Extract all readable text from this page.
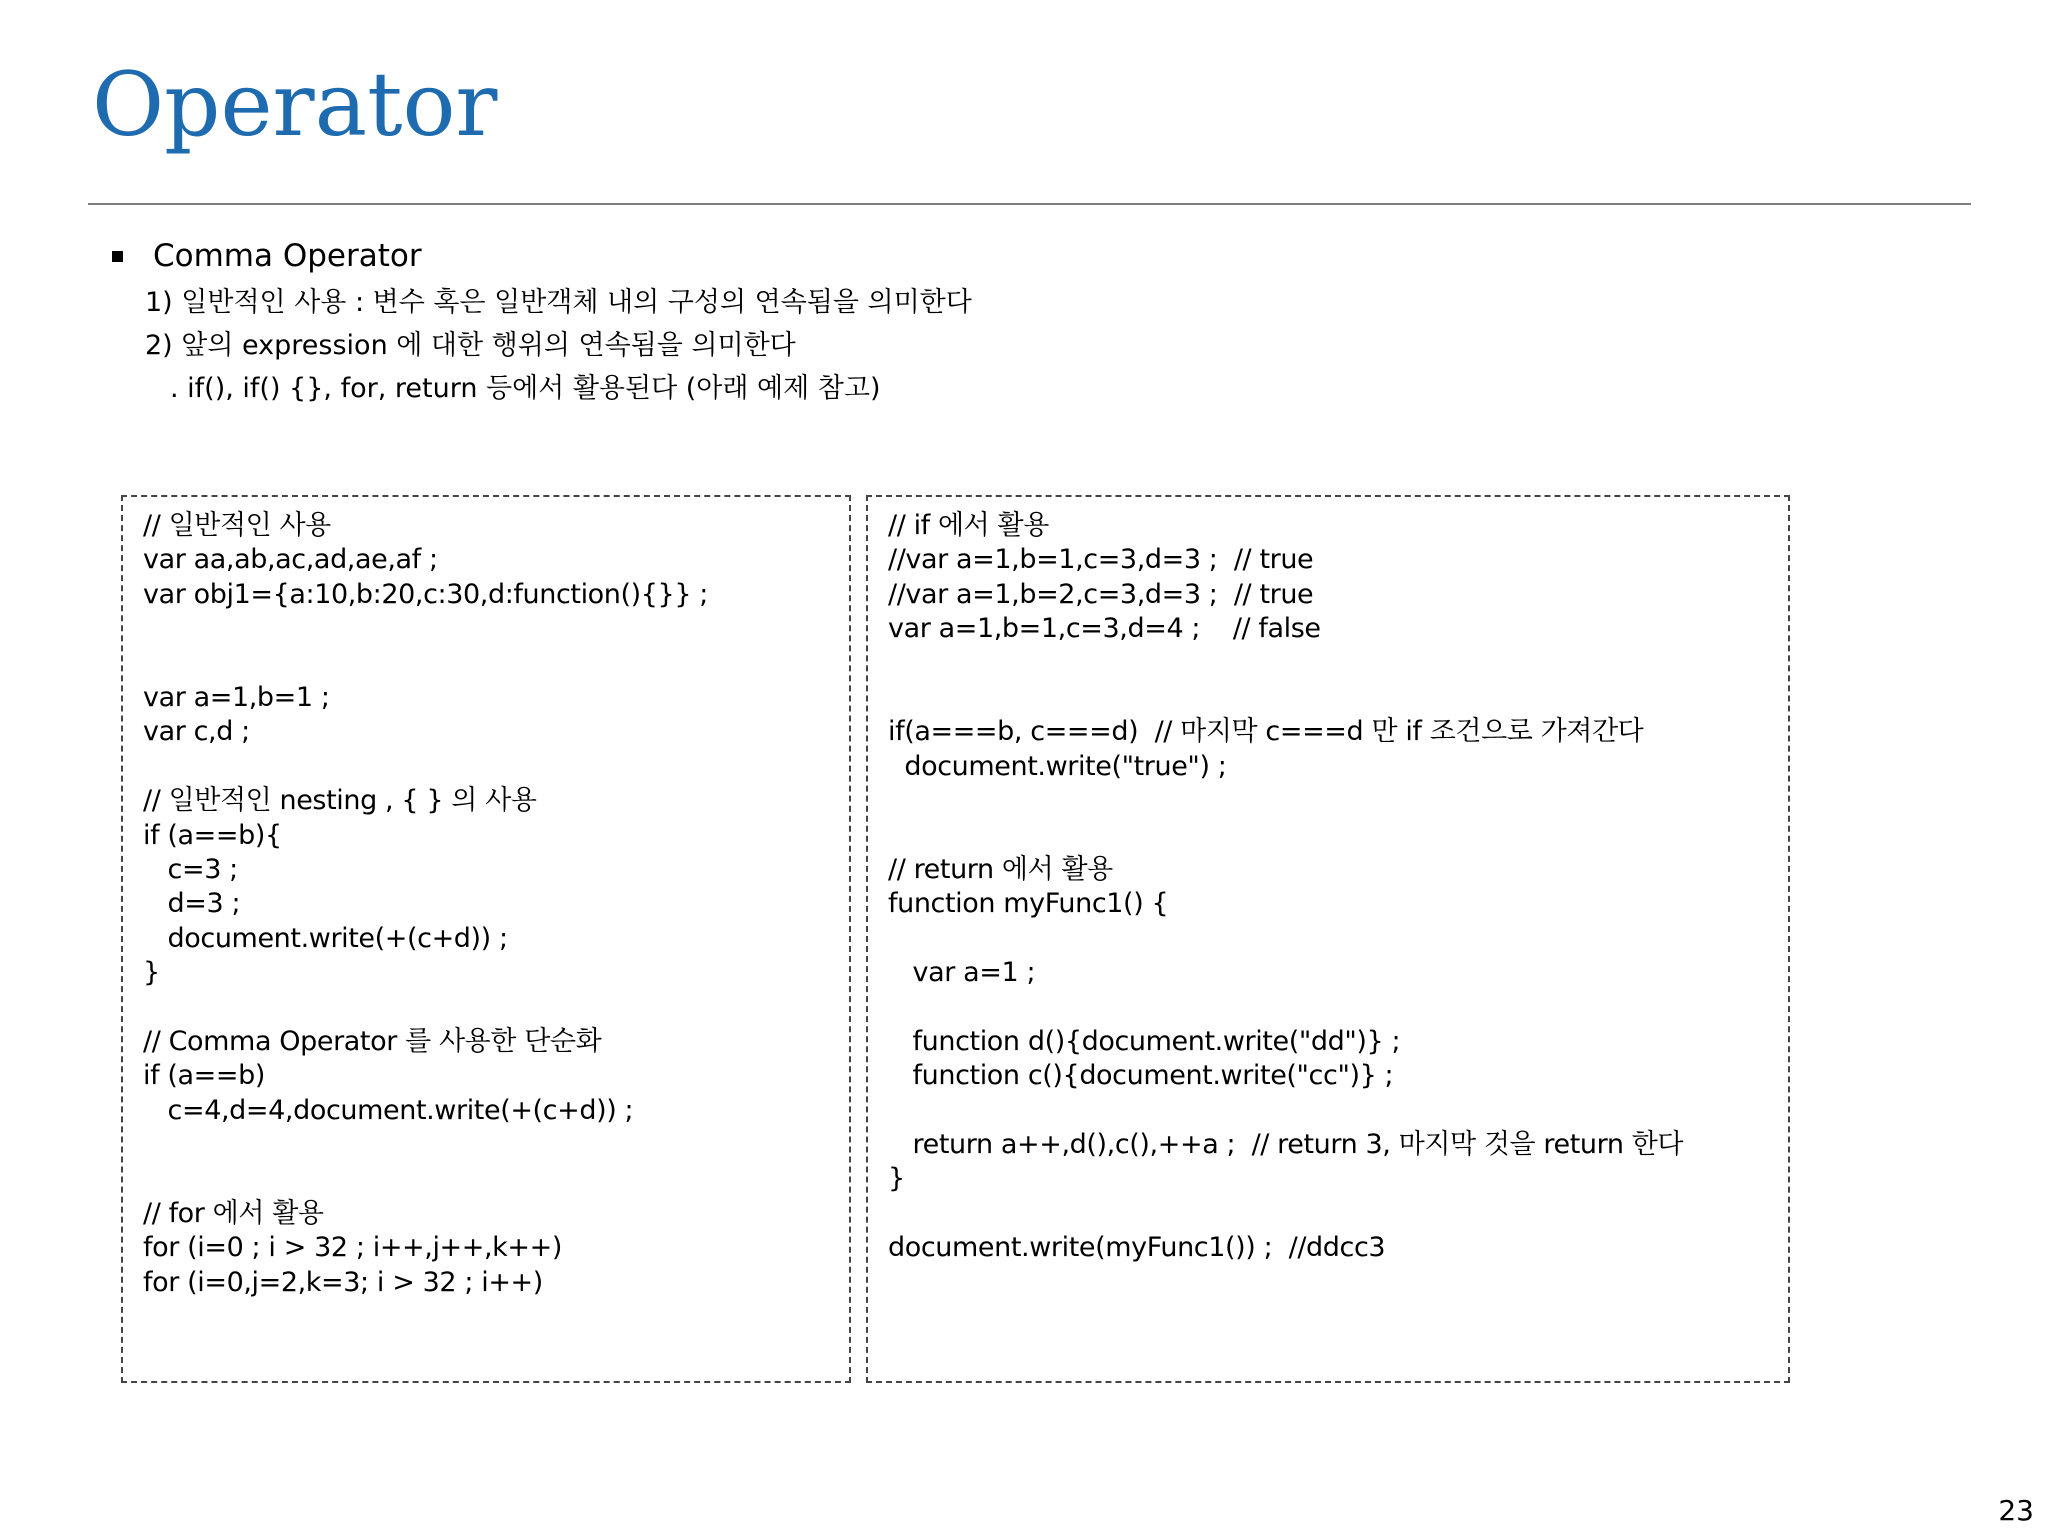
Operator
Comma Operator
1) 일반적인 사용 : 변수 혹은 일반객체 내의 구성의 연속됨을 의미한다
2) 앞의 expression 에 대한 행위의 연속됨을 의미한다
. if(), if() {}, for, return 등에서 활용된다 (아래 예제 참고)
// 일반적인 사용
var aa,ab,ac,ad,ae,af ;
var obj1={a:10,b:20,c:30,d:function(){}} ;
var a=1,b=1 ;
var c,d ;
// 일반적인 nesting , { } 의 사용
if (a==b){
c=3 ;
d=3 ;
document.write(+(c+d)) ;
}
// Comma Operator 를 사용한 단순화
if (a==b)
c=4,d=4,document.write(+(c+d)) ;
// for 에서 활용
for (i=0 ; i > 32 ; i++,j++,k++)
for (i=0,j=2,k=3; i > 32 ; i++)
// if 에서 활용
//var a=1,b=1,c=3,d=3 ;  // true
//var a=1,b=2,c=3,d=3 ;  // true
var a=1,b=1,c=3,d=4 ;    // false
if(a===b, c===d)  // 마지막 c===d 만 if 조건으로 가져간다
document.write("true") ;
// return 에서 활용
function myFunc1() {
var a=1 ;
function d(){document.write("dd")} ;
function c(){document.write("cc")} ;
return a++,d(),c(),++a ;  // return 3, 마지막 것을 return 한다
}
document.write(myFunc1()) ;  //ddcc3
23
